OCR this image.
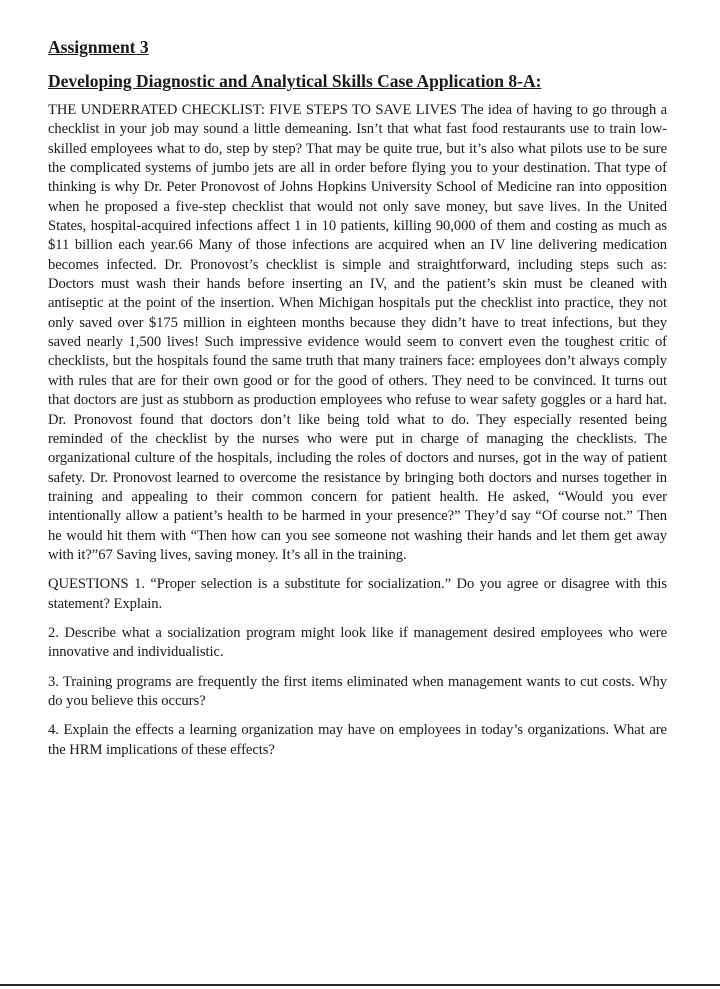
Assignment 3

Developing Diagnostic and Analytical Skills Case Application 8-A:

THE UNDERRATED CHECKLIST: FIVE STEPS TO SAVE LIVES The idea of having to go through a checklist in your job may sound a little demeaning. Isn’t that what fast food restaurants use to train low-skilled employees what to do, step by step? That may be quite true, but it’s also what pilots use to be sure the complicated systems of jumbo jets are all in order before flying you to your destination. That type of thinking is why Dr. Peter Pronovost of Johns Hopkins University School of Medicine ran into opposition when he proposed a five-step checklist that would not only save money, but save lives. In the United States, hospital-acquired infections affect 1 in 10 patients, killing 90,000 of them and costing as much as $11 billion each year.66 Many of those infections are acquired when an IV line delivering medication becomes infected. Dr. Pronovost’s checklist is simple and straightforward, including steps such as: Doctors must wash their hands before inserting an IV, and the patient’s skin must be cleaned with antiseptic at the point of the insertion. When Michigan hospitals put the checklist into practice, they not only saved over $175 million in eighteen months because they didn’t have to treat infections, but they saved nearly 1,500 lives! Such impressive evidence would seem to convert even the toughest critic of checklists, but the hospitals found the same truth that many trainers face: employees don’t always comply with rules that are for their own good or for the good of others. They need to be convinced. It turns out that doctors are just as stubborn as production employees who refuse to wear safety goggles or a hard hat. Dr. Pronovost found that doctors don’t like being told what to do. They especially resented being reminded of the checklist by the nurses who were put in charge of managing the checklists. The organizational culture of the hospitals, including the roles of doctors and nurses, got in the way of patient safety. Dr. Pronovost learned to overcome the resistance by bringing both doctors and nurses together in training and appealing to their common concern for patient health. He asked, “Would you ever intentionally allow a patient’s health to be harmed in your presence?” They’d say “Of course not.” Then he would hit them with “Then how can you see someone not washing their hands and let them get away with it?”67 Saving lives, saving money. It’s all in the training.

QUESTIONS 1. “Proper selection is a substitute for socialization.” Do you agree or disagree with this statement? Explain.

2. Describe what a socialization program might look like if management desired employees who were innovative and individualistic.

3. Training programs are frequently the first items eliminated when management wants to cut costs. Why do you believe this occurs?

4. Explain the effects a learning organization may have on employees in today’s organizations. What are the HRM implications of these effects?
